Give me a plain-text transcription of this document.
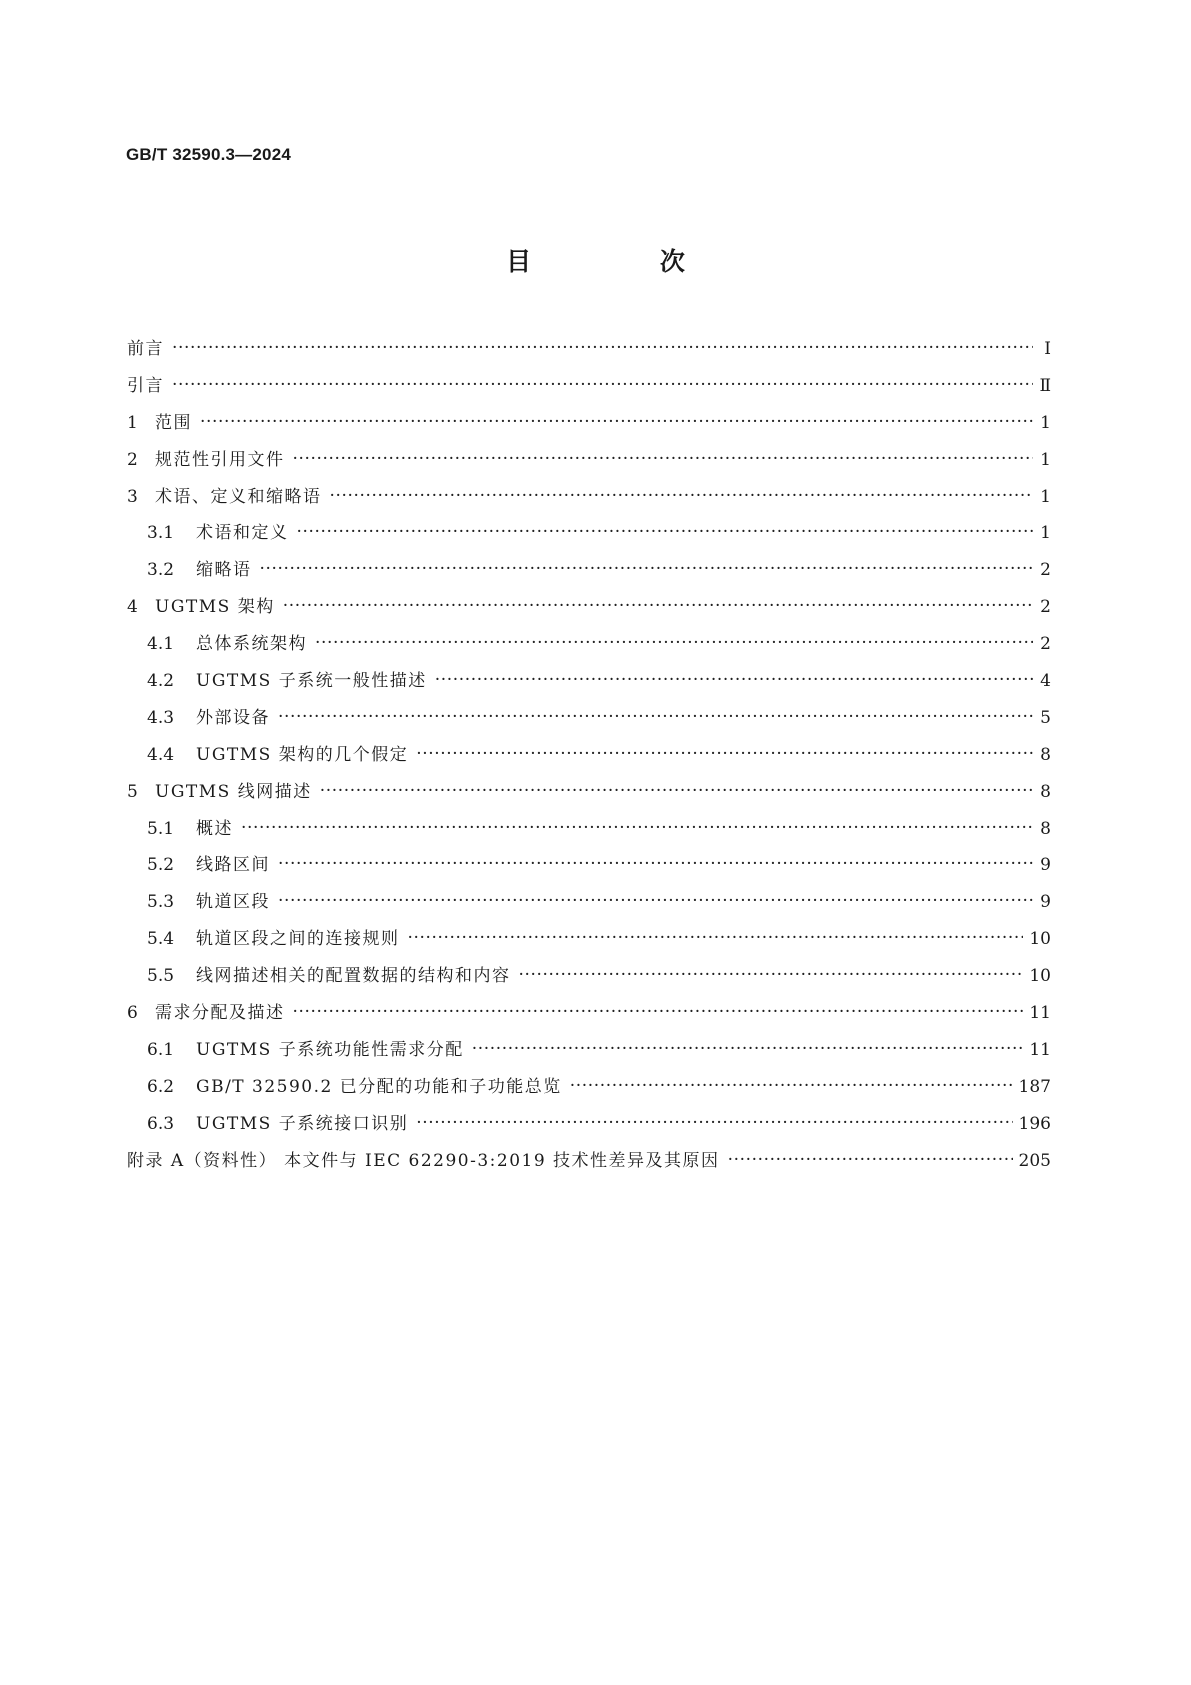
GB/T 32590.3—2024
目 次
前言 ·····	Ⅰ
引言 ·····	Ⅱ
1	范围 ·····	1
2	规范性引用文件 ·····	1
3	术语、定义和缩略语 ·····	1
3.1	术语和定义 ·····	1
3.2	缩略语 ·····	2
4	UGTMS 架构 ·····	2
4.1	总体系统架构 ·····	2
4.2	UGTMS 子系统一般性描述 ·····	4
4.3	外部设备 ·····	5
4.4	UGTMS 架构的几个假定 ·····	8
5	UGTMS 线网描述 ·····	8
5.1	概述 ·····	8
5.2	线路区间 ·····	9
5.3	轨道区段 ·····	9
5.4	轨道区段之间的连接规则 ·····	10
5.5	线网描述相关的配置数据的结构和内容 ·····	10
6	需求分配及描述 ·····	11
6.1	UGTMS 子系统功能性需求分配 ·····	11
6.2	GB/T 32590.2 已分配的功能和子功能总览 ·····	187
6.3	UGTMS 子系统接口识别 ·····	196
附录 A（资料性） 本文件与 IEC 62290-3:2019 技术性差异及其原因 ·····	205
